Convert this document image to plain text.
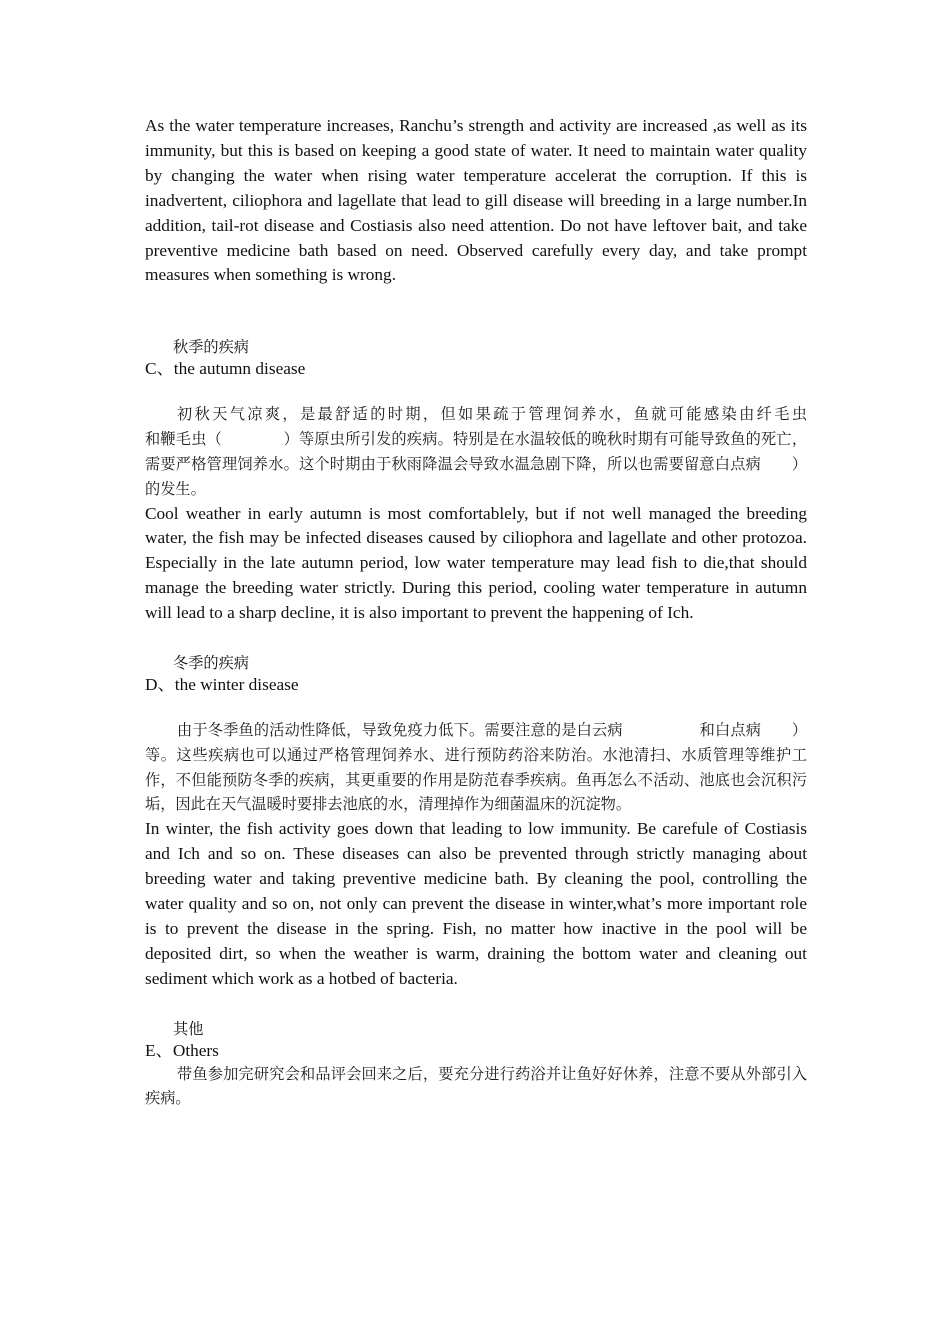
As the water temperature increases, Ranchu’s strength and activity are increased ,as well as its immunity, but this is based on keeping a good state of water. It need to maintain water quality by changing the water when rising water temperature accelerat the corruption. If this is inadvertent, ciliophora and lagellate that lead to gill disease will breeding in a large number.In addition, tail-rot disease and Costiasis also need attention. Do not have leftover bait, and take preventive medicine bath based on need. Observed carefully every day, and take prompt measures when something is wrong.

秋季的疾病

C、the autumn disease

初秋天气凉爽，是最舒适的时期，但如果疏于管理饲养水，鱼就可能感染由纤毛虫　　　　　和鞭毛虫（　　　　）等原虫所引发的疾病。特别是在水温较低的晚秋时期有可能导致鱼的死亡，需要严格管理饲养水。这个时期由于秋雨降温会导致水温急剧下降，所以也需要留意白点病　　）的发生。

Cool weather in early autumn is most comfortablely, but if not well managed the breeding water, the fish may be infected diseases caused by ciliophora and lagellate and other protozoa. Especially in the late autumn period, low water temperature may lead fish to die,that should manage the breeding water strictly. During this period, cooling water temperature in autumn will lead to a sharp decline, it is also important to prevent the happening of Ich.

冬季的疾病

D、the winter disease

由于冬季鱼的活动性降低，导致免疫力低下。需要注意的是白云病　　　　　和白点病　　）等。这些疾病也可以通过严格管理饲养水、进行预防药浴来防治。水池清扫、水质管理等维护工作，不但能预防冬季的疾病，其更重要的作用是防范春季疾病。鱼再怎么不活动、池底也会沉积污垢，因此在天气温暖时要排去池底的水，清理掉作为细菌温床的沉淀物。

In winter, the fish activity goes down that leading to low immunity. Be carefule of Costiasis and Ich and so on. These diseases can also be prevented through strictly managing about breeding water and taking preventive medicine bath. By cleaning the pool, controlling the water quality and so on, not only can prevent the disease in winter,what’s more important role is to prevent the disease in the spring. Fish, no matter how inactive in the pool will be deposited dirt, so when the weather is warm, draining the bottom water and cleaning out sediment which work as a hotbed of bacteria.

其他

E、Others

带鱼参加完研究会和品评会回来之后，要充分进行药浴并让鱼好好休养，注意不要从外部引入疾病。
